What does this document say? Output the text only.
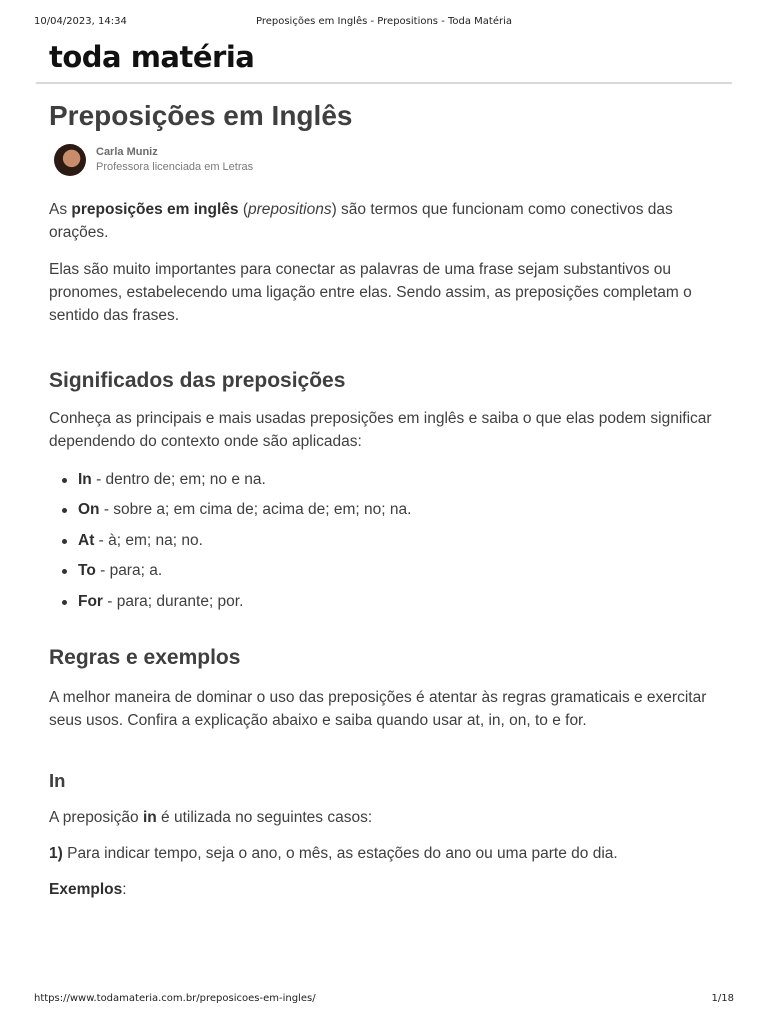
10/04/2023, 14:34	Preposições em Inglês - Prepositions - Toda Matéria
toda matéria
Preposições em Inglês
Carla Muniz
Professora licenciada em Letras

As preposições em inglês (prepositions) são termos que funcionam como conectivos das orações.

Elas são muito importantes para conectar as palavras de uma frase sejam substantivos ou pronomes, estabelecendo uma ligação entre elas. Sendo assim, as preposições completam o sentido das frases.

Significados das preposições

Conheça as principais e mais usadas preposições em inglês e saiba o que elas podem significar dependendo do contexto onde são aplicadas:

In - dentro de; em; no e na.
On - sobre a; em cima de; acima de; em; no; na.
At - à; em; na; no.
To - para; a.
For - para; durante; por.
Regras e exemplos

A melhor maneira de dominar o uso das preposições é atentar às regras gramaticais e exercitar seus usos. Confira a explicação abaixo e saiba quando usar at, in, on, to e for.

In

A preposição in é utilizada no seguintes casos:

1) Para indicar tempo, seja o ano, o mês, as estações do ano ou uma parte do dia.

Exemplos:

https://www.todamateria.com.br/preposicoes-em-ingles/	1/18
